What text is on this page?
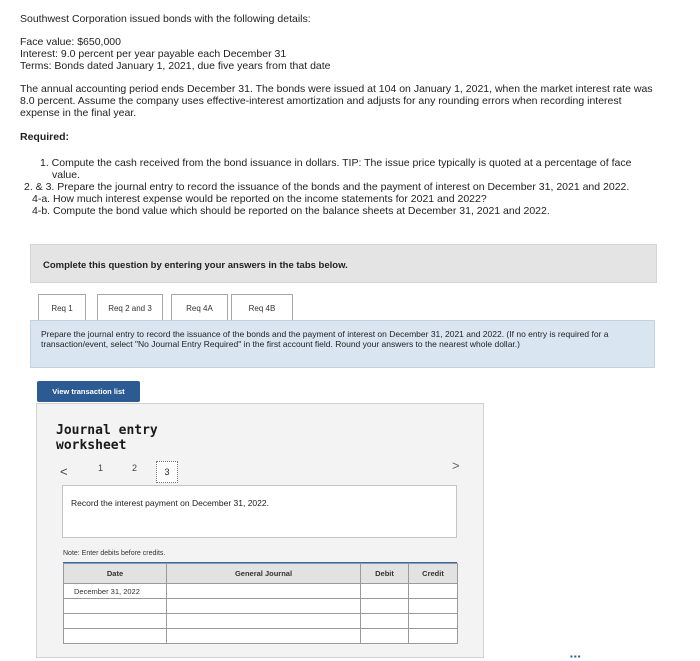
Southwest Corporation issued bonds with the following details:

Face value: $650,000

Interest: 9.0 percent per year payable each December 31

Terms: Bonds dated January 1, 2021, due five years from that date

The annual accounting period ends December 31. The bonds were issued at 104 on January 1, 2021, when the market interest rate was

8.0 percent. Assume the company uses effective-interest amortization and adjusts for any rounding errors when recording interest

expense in the final year.

Required:

1. Compute the cash received from the bond issuance in dollars. TIP: The issue price typically is quoted at a percentage of face
value.
2. & 3. Prepare the journal entry to record the issuance of the bonds and the payment of interest on December 31, 2021 and 2022.
4-a. How much interest expense would be reported on the income statements for 2021 and 2022?
4-b. Compute the bond value which should be reported on the balance sheets at December 31, 2021 and 2022.
Complete this question by entering your answers in the tabs below.
Req 1	Req 2 and 3	Req 4A	Req 4B
Prepare the journal entry to record the issuance of the bonds and the payment of interest on December 31, 2021 and 2022. (If no entry is required for a transaction/event, select "No Journal Entry Required" in the first account field. Round your answers to the nearest whole dollar.)
View transaction list
Journal entry
worksheet
<	1	2	3	>
Record the interest payment on December 31, 2022.
Note: Enter debits before credits.
Date	General Journal	Debit	Credit
December 31, 2022			

▪▪▪
